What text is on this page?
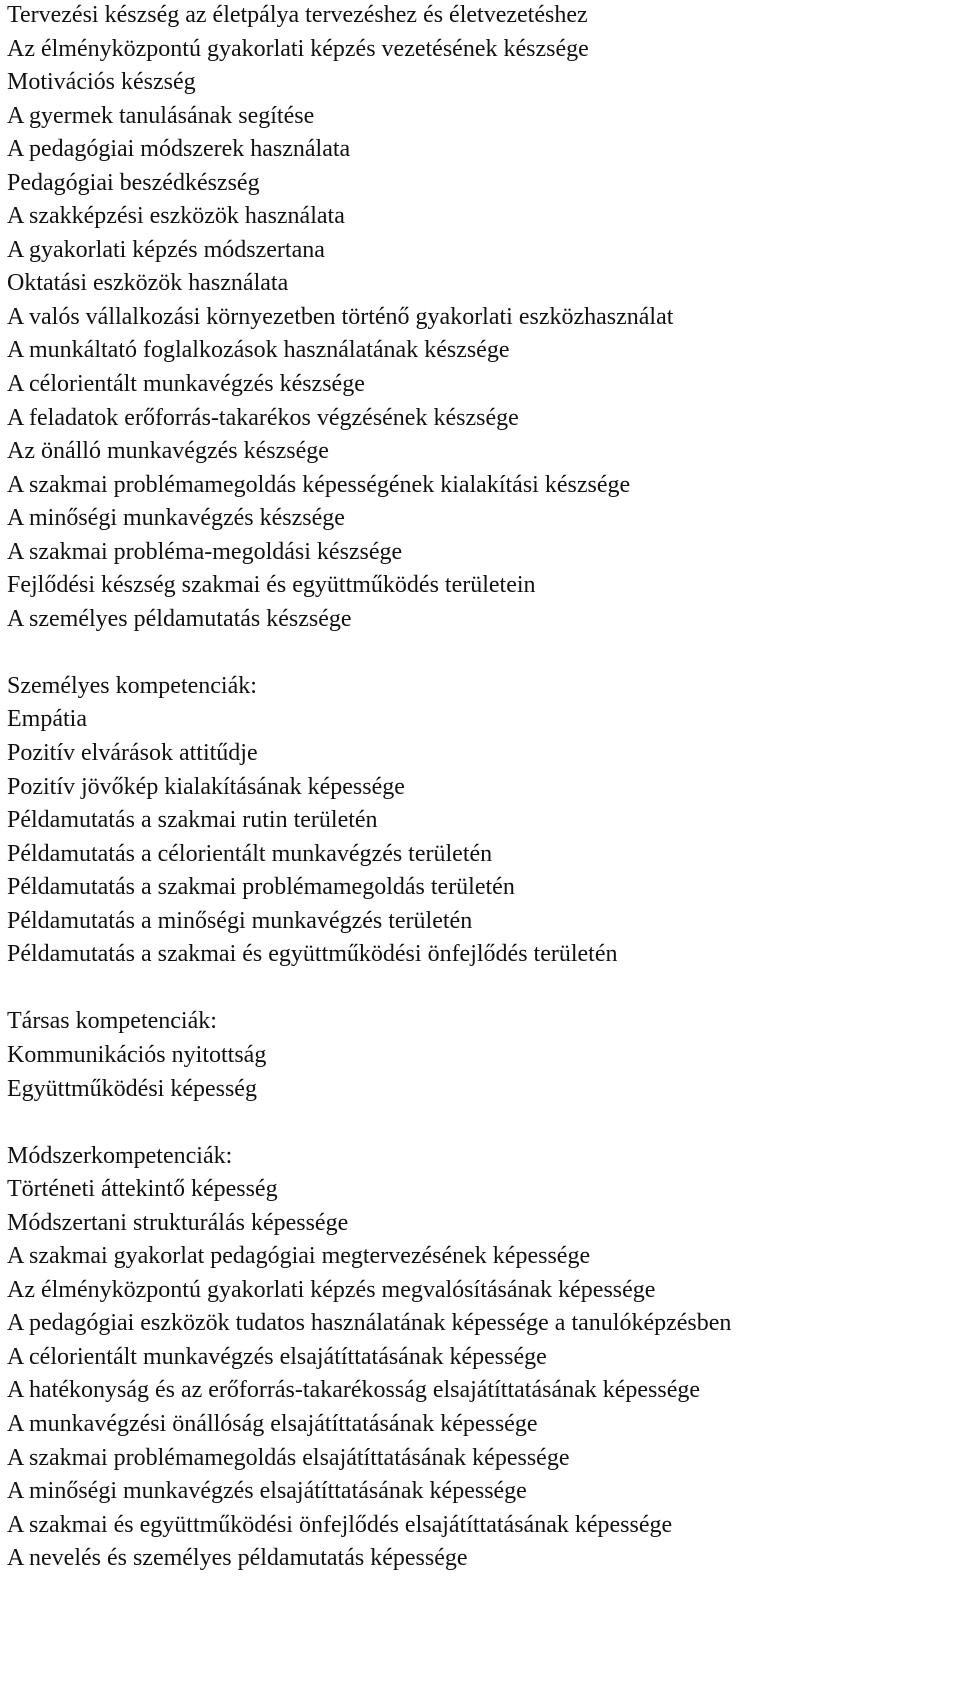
Tervezési készség az életpálya tervezéshez és életvezetéshez
Az élményközpontú gyakorlati képzés vezetésének készsége
Motivációs készség
A gyermek tanulásának segítése
A pedagógiai módszerek használata
Pedagógiai beszédkészség
A szakképzési eszközök használata
A gyakorlati képzés módszertana
Oktatási eszközök használata
A valós vállalkozási környezetben történő gyakorlati eszközhasználat
A munkáltató foglalkozások használatának készsége
A célorientált munkavégzés készsége
A feladatok erőforrás-takarékos végzésének készsége
Az önálló munkavégzés készsége
A szakmai problémamegoldás képességének kialakítási készsége
A minőségi munkavégzés készsége
A szakmai probléma-megoldási készsége
Fejlődési készség szakmai és együttműködés területein
A személyes példamutatás készsége
Személyes kompetenciák:
Empátia
Pozitív elvárások attitűdje
Pozitív jövőkép kialakításának képessége
Példamutatás a szakmai rutin területén
Példamutatás a célorientált munkavégzés területén
Példamutatás a szakmai problémamegoldás területén
Példamutatás a minőségi munkavégzés területén
Példamutatás a szakmai és együttműködési önfejlődés területén
Társas kompetenciák:
Kommunikációs nyitottság
Együttműködési képesség
Módszerkompetenciák:
Történeti áttekintő képesség
Módszertani strukturálás képessége
A szakmai gyakorlat pedagógiai megtervezésének képessége
Az élményközpontú gyakorlati képzés megvalósításának képessége
A pedagógiai eszközök tudatos használatának képessége a tanulóképzésben
A célorientált munkavégzés elsajátíttatásának képessége
A hatékonyság és az erőforrás-takarékosság elsajátíttatásának képessége
A munkavégzési önállóság elsajátíttatásának képessége
A szakmai problémamegoldás elsajátíttatásának képessége
A minőségi munkavégzés elsajátíttatásának képessége
A szakmai és együttműködési önfejlődés elsajátíttatásának képessége
A nevelés és személyes példamutatás képessége
